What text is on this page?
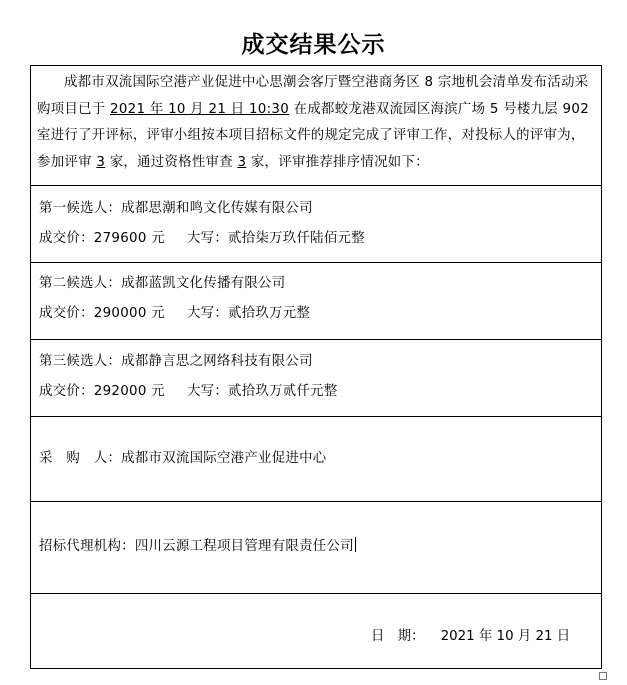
成交结果公示
成都市双流国际空港产业促进中心思潮会客厅暨空港商务区 8 宗地机会清单发布活动采购项目已于 2021 年 10 月 21 日 10:30 在成都蛟龙港双流园区海滨广场 5 号楼九层 902 室进行了开评标，评审小组按本项目招标文件的规定完成了评审工作，对投标人的评审为，参加评审 3 家，通过资格性审查 3 家，评审推荐排序情况如下：
第一候选人：成都思潮和鸣文化传媒有限公司
成交价：279600 元 大写：贰拾柒万玖仟陆佰元整
第二候选人：成都蓝凯文化传播有限公司
成交价：290000 元 大写：贰拾玖万元整
第三候选人：成都静言思之网络科技有限公司
成交价：292000 元 大写：贰拾玖万贰仟元整
采　购　人：成都市双流国际空港产业促进中心
招标代理机构：四川云源工程项目管理有限责任公司
日　期： 2021 年 10 月 21 日
